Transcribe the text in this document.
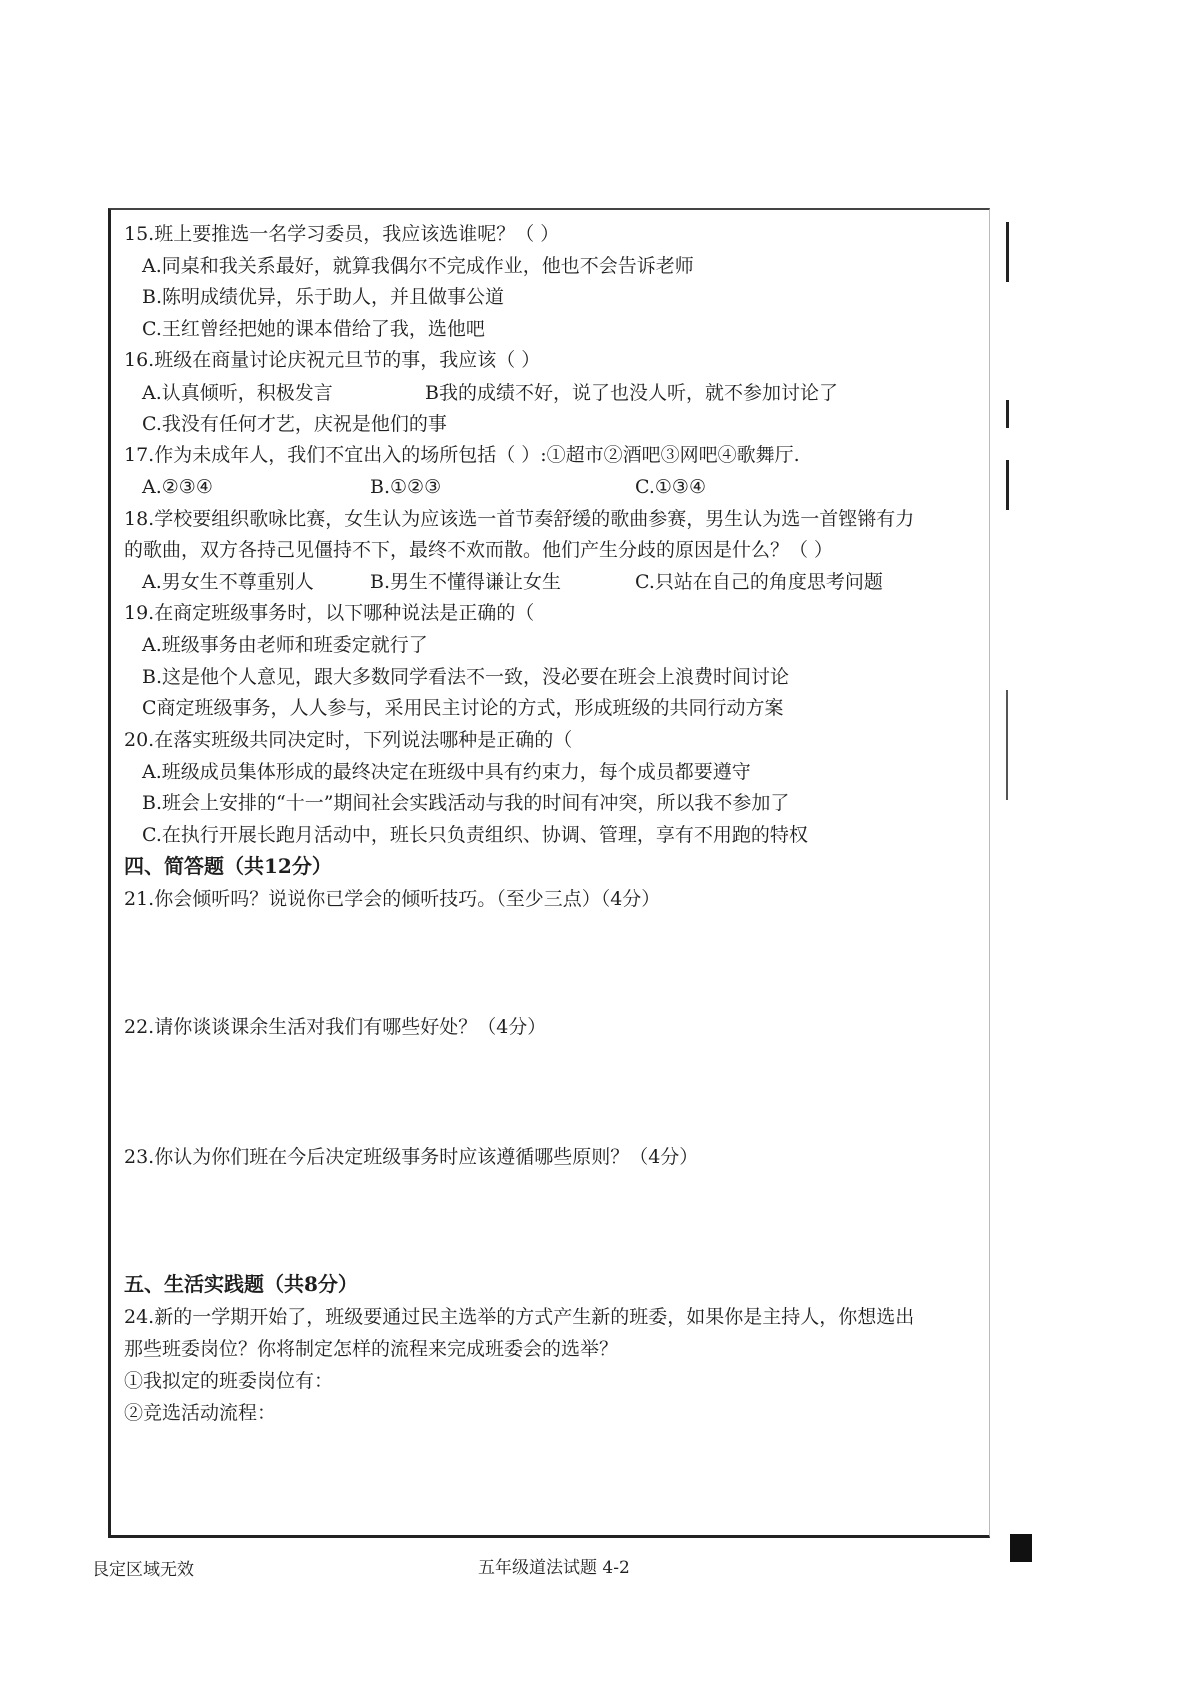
15.班上要推选一名学习委员，我应该选谁呢？（ ）
A.同桌和我关系最好，就算我偶尔不完成作业，他也不会告诉老师
B.陈明成绩优异，乐于助人，并且做事公道
C.王红曾经把她的课本借给了我，选他吧
16.班级在商量讨论庆祝元旦节的事，我应该（ ）
A.认真倾听，积极发言	B我的成绩不好，说了也没人听，就不参加讨论了
C.我没有任何才艺，庆祝是他们的事
17.作为未成年人，我们不宜出入的场所包括（ ）:①超市②酒吧③网吧④歌舞厅.
A.②③④	B.①②③	C.①③④
18.学校要组织歌咏比赛，女生认为应该选一首节奏舒缓的歌曲参赛，男生认为选一首铿锵有力
的歌曲，双方各持己见僵持不下，最终不欢而散。他们产生分歧的原因是什么？（ ）
A.男女生不尊重别人	B.男生不懂得谦让女生	C.只站在自己的角度思考问题
19.在商定班级事务时，以下哪种说法是正确的（
A.班级事务由老师和班委定就行了
B.这是他个人意见，跟大多数同学看法不一致，没必要在班会上浪费时间讨论
C商定班级事务，人人参与，采用民主讨论的方式，形成班级的共同行动方案
20.在落实班级共同决定时，下列说法哪种是正确的（
A.班级成员集体形成的最终决定在班级中具有约束力，每个成员都要遵守
B.班会上安排的“十一”期间社会实践活动与我的时间有冲突，所以我不参加了
C.在执行开展长跑月活动中，班长只负责组织、协调、管理，享有不用跑的特权
四、简答题（共12分）
21.你会倾听吗？说说你已学会的倾听技巧。（至少三点）（4分）
22.请你谈谈课余生活对我们有哪些好处？（4分）
23.你认为你们班在今后决定班级事务时应该遵循哪些原则？（4分）
五、生活实践题（共8分）
24.新的一学期开始了，班级要通过民主选举的方式产生新的班委，如果你是主持人，你想选出
那些班委岗位？你将制定怎样的流程来完成班委会的选举？
①我拟定的班委岗位有：
②竞选活动流程：
艮定区域无效	五年级道法试题 4-2
